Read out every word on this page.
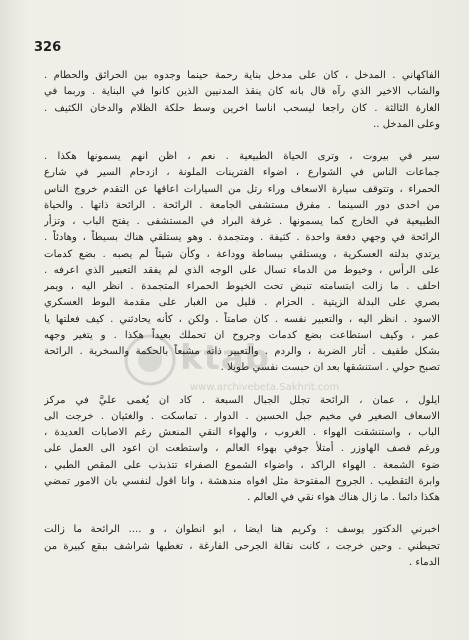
326
ktab
www.archivebeta.Sakhrit.com
الفاكهاني . المدخل ، كان على مدخل بناية رحمة حينما وجدوه بين الحرائق والحطام .
والشاب الاخير الذي رآه قال بانه كان ينقذ المدنيين الذين كانوا في البناية . وربما في
الغارة الثالثة . كان راجعا ليسحب اناسا اخرين وسط حلكة الظلام والدخان الكثيف .
وعلى المدخل ..
سير في بيروت ، وترى الحياة الطبيعية . نعم ، اظن انهم يسمونها هكذا .
جماعات الناس في الشوارع ، اضواء الفترينات الملونة ، ازدحام السير في شارع
الحمراء ، وتتوقف سيارة الاسعاف وراء رتل من السيارات اعاقها عن التقدم خروج الناس
من احدى دور السينما . مفرق مستشفى الجامعة . الرائحة . الرائحة ذاتها . والحياة
الطبيعية في الخارج كما يسمونها . غرفة البراد في المستشفى . يفتح الباب ، وتزأر
الرائحة في وجهي دفعة واحدة . كثيفة . ومتجمدة . وهو يستلقي هناك بسيطاً ، وهادئاً .
يرتدي بدلته العسكرية ، ويستلقي ببساطة ووداعة ، وكأن شيئاً لم يصبه . بضع كدمات
على الرأس ، وخيوط من الدماء تسال على الوجه الذي لم يفقد التعبير الذي اعرفه .
احلف . ما زالت ابتسامته تنبض تحت الخيوط الحمراء المتجمدة . انظر اليه ، ويمر
بصري على البدلة الزيتية . الحزام . قليل من الغبار على مقدمة البوط العسكري
الاسود . انظر اليه ، والتعبير نفسه . كان صامتاً . ولكن ، كأنه يحادثني . كيف فعلتها يا
عمر ، وكيف استطاعت بضع كدمات وجروح ان تحملك بعيداً هكذا . و يتغير وجهه
بشكل طفيف . أثار الضربة ، والردم . والتعبير ذاته مشبعاً بالحكمة والسخرية . الرائحة
تصبح حولي . استنشقها بعد ان حبست نفسي طويلا .
ايلول ، عمان ، الرائحة تجلل الجبال السبعة . كاد ان يُغمى عليَّ في مركز
الاسعاف الصغير في مخيم جبل الحسين . الدوار . تماسكت . والغثيان . خرجت الى
الباب ، واستنشقت الهواء . الغروب ، والهواء النقي المنعش رغم الاصابات العديدة ،
ورغم قصف الهاوزر . أمتلأ جوفي بهواء العالم ، واستطعت ان اعود الى العمل على
ضوء الشمعة . الهواء الراكد ، واضواء الشموع الصفراء تتذبذب على المقص الطبي ،
وابرة التقطيب . الجروح المفتوحة مثل افواه مندهشة ، وانا اقول لنفسي بان الامور تمضي
هكذا دائما . ما زال هناك هواء نقي في العالم .
اخبرني الدكتور يوسف : وكريم هنا ايضا ، ابو انطوان ، و .... الرائحة ما زالت
تحيطني . وحين خرجت ، كانت نقالة الجرحى الفارغة ، تغطيها شراشف ببقع كبيرة من
الدماء .
